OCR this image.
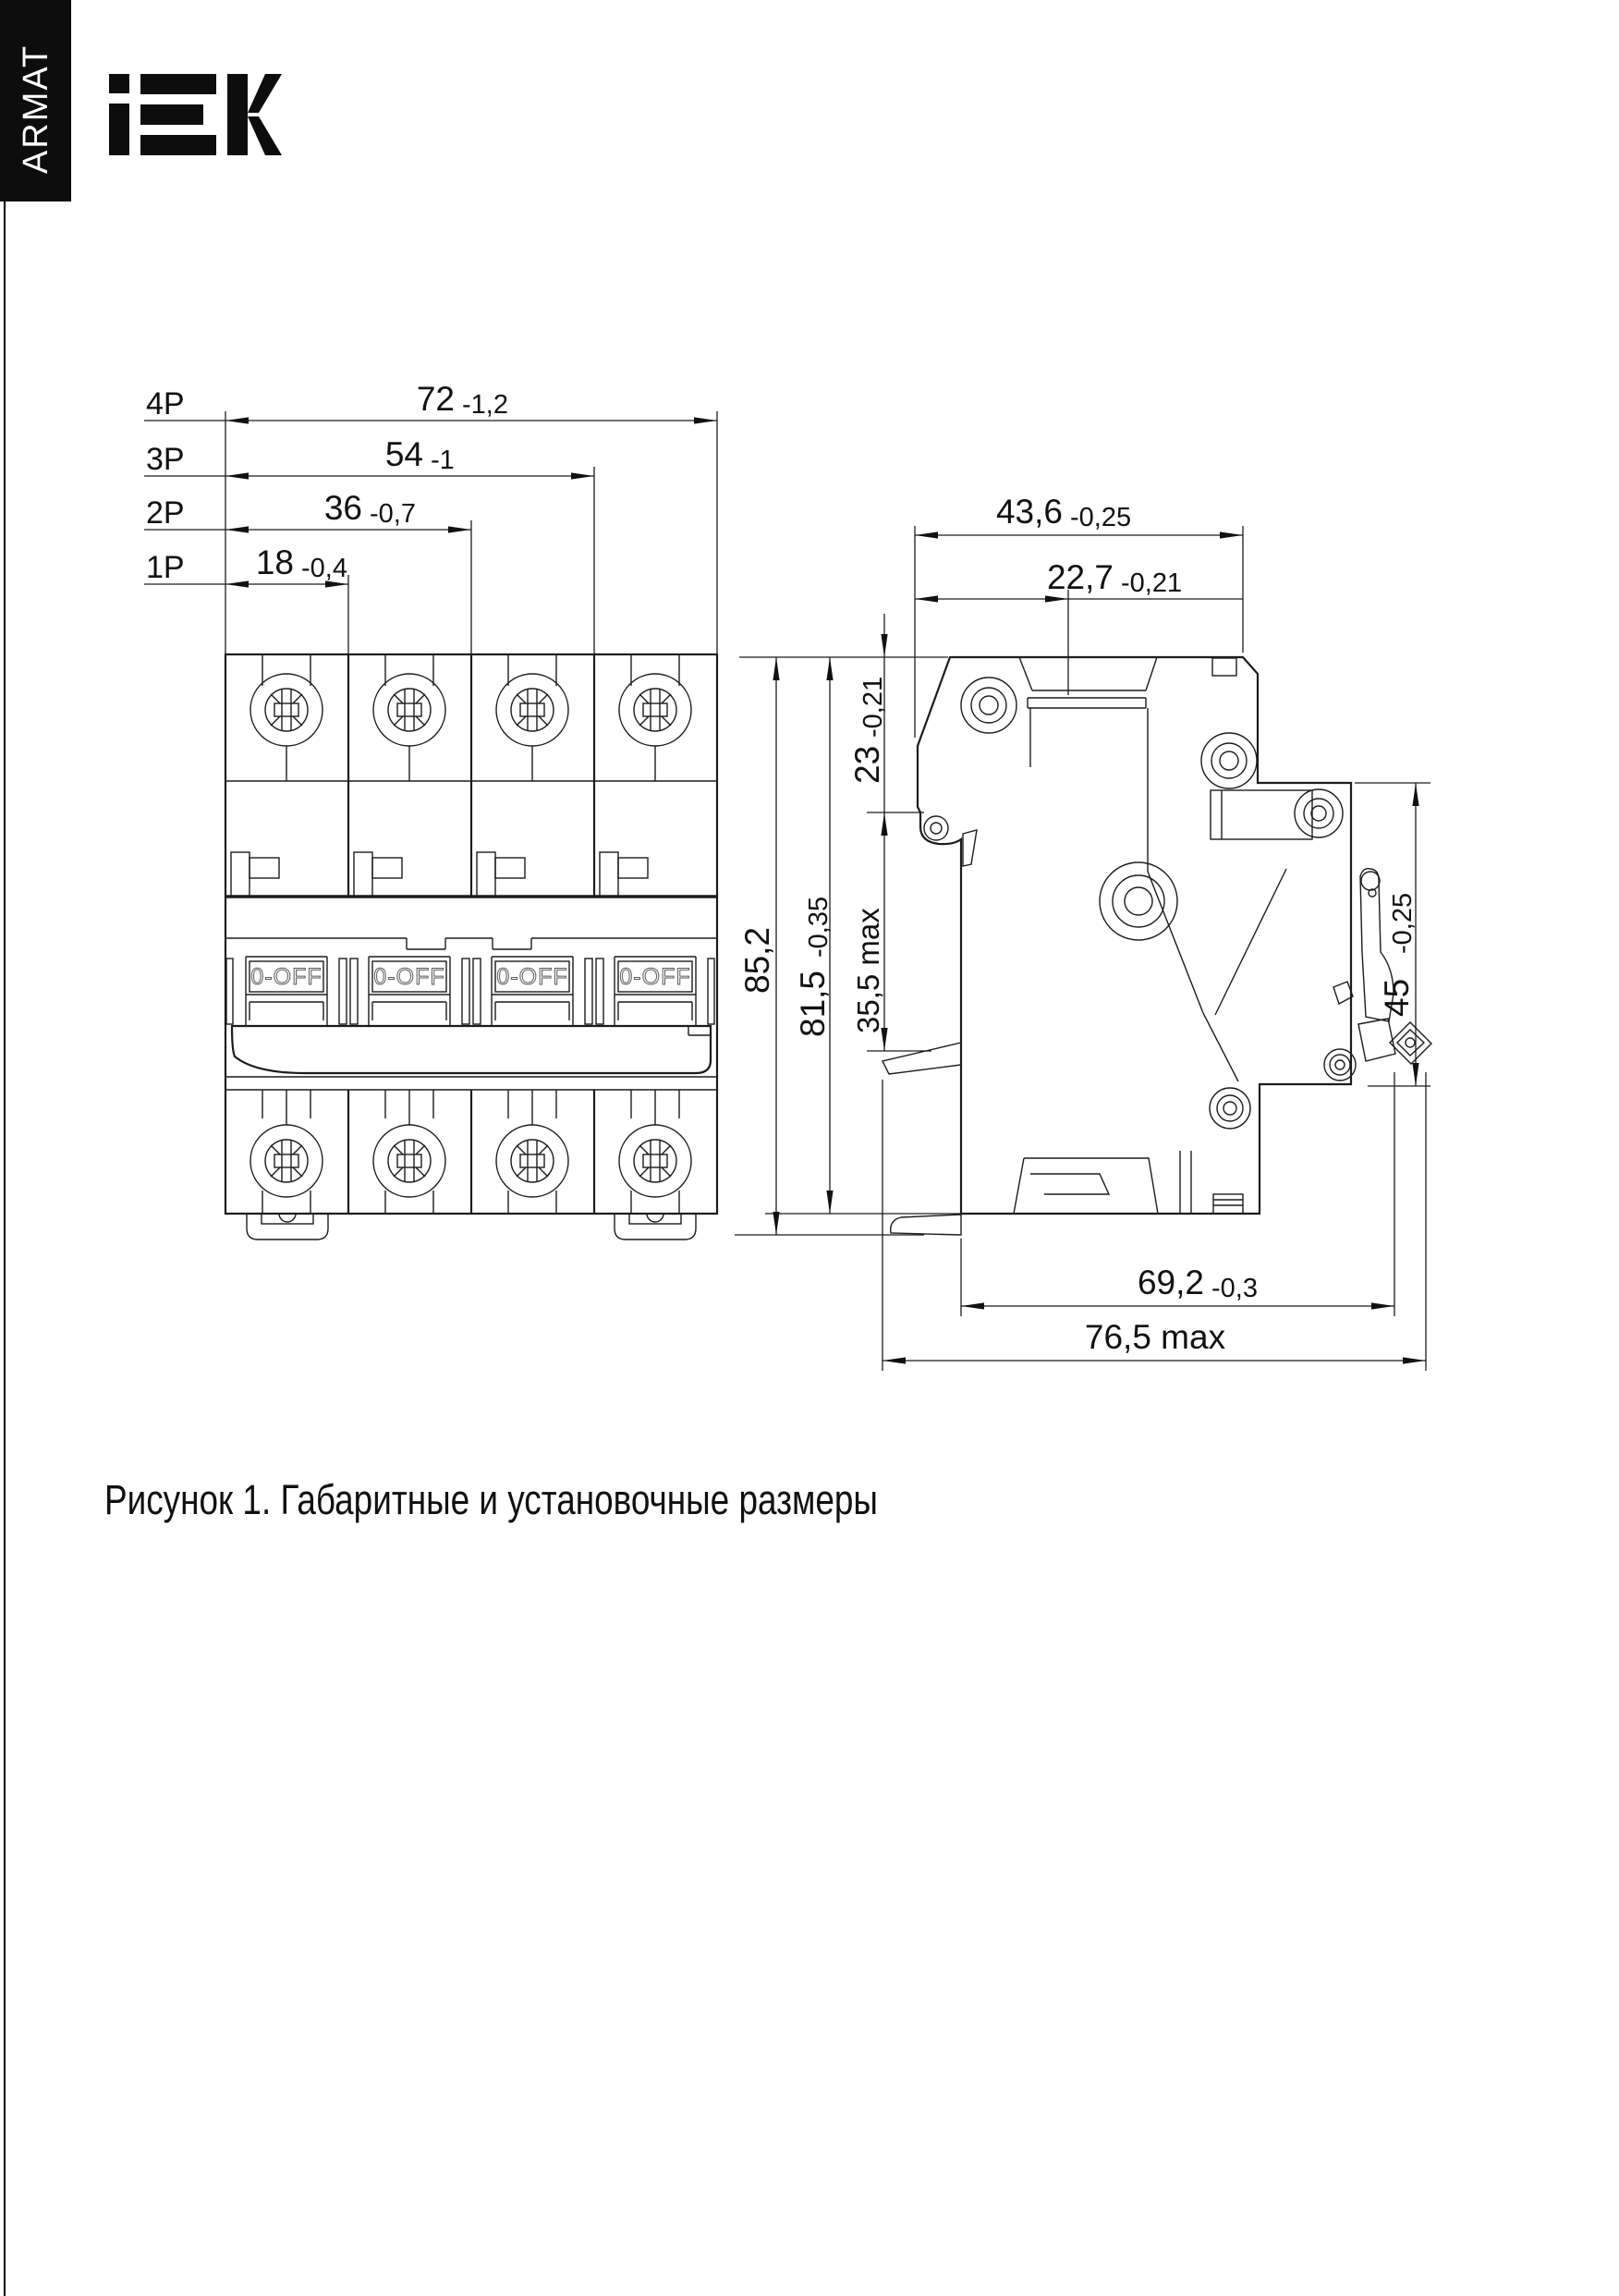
ARMAT
4P	72 -1,2
3P	54 -1
2P	36 -0,7
1P 18 -0,4
0-OFF 0-OFF 0-OFF 0-OFF
43,6 -0,25
22,7 -0,21
85,2
81,5
-0,35
23
-0,21
35,5 max	45
-0,25
69,2 -0,3
76,5 max
Рисунок 1. Габаритные и установочные размеры
